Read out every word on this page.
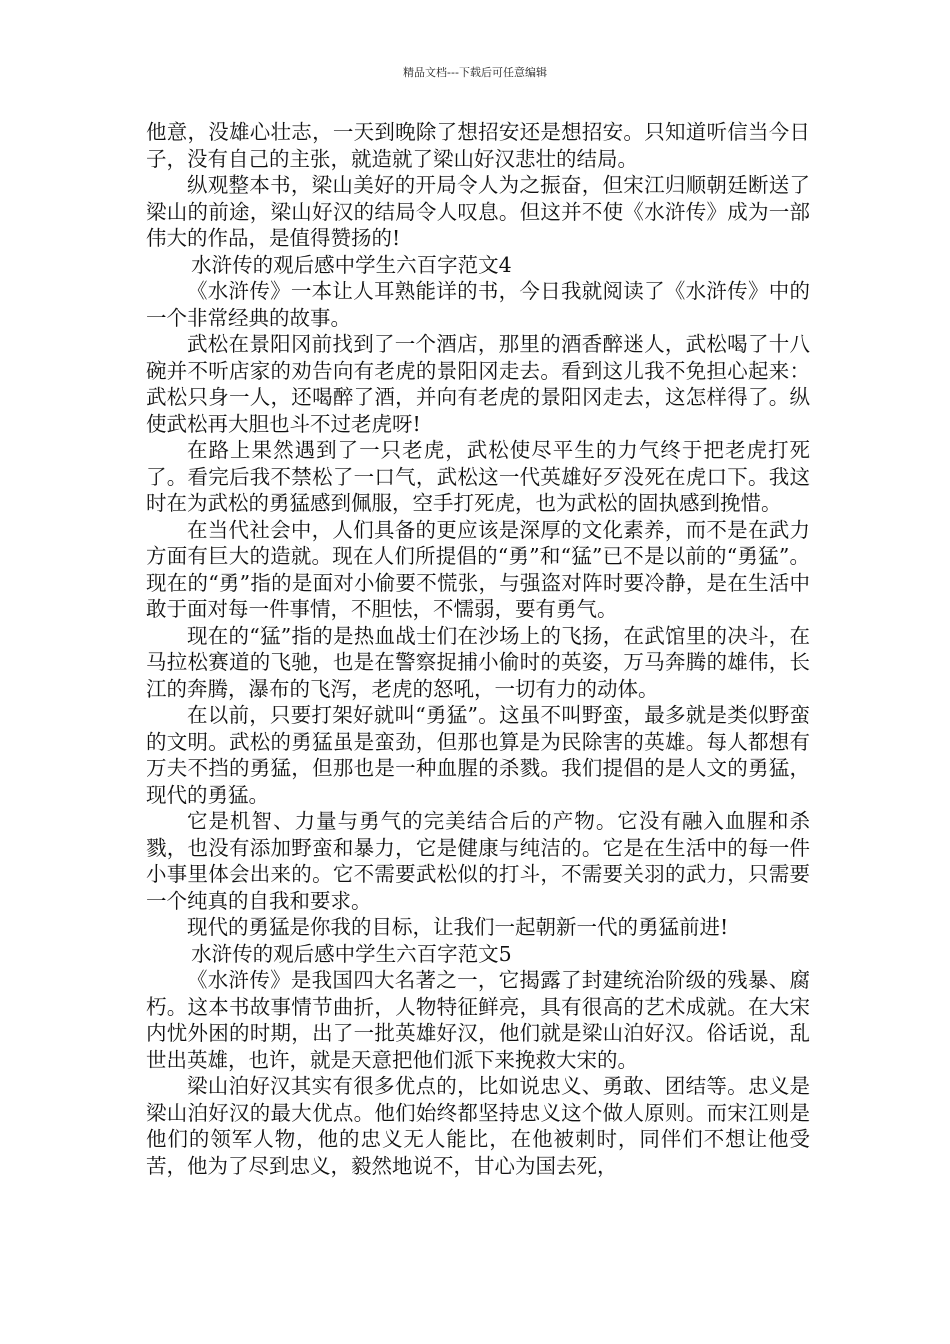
精品文档---下载后可任意编辑

他意，没雄心壮志，一天到晚除了想招安还是想招安。只知道听信当今日子，没有自己的主张，就造就了梁山好汉悲壮的结局。

纵观整本书，梁山美好的开局令人为之振奋，但宋江归顺朝廷断送了梁山的前途，梁山好汉的结局令人叹息。但这并不使《水浒传》成为一部伟大的作品，是值得赞扬的!

水浒传的观后感中学生六百字范文4

《水浒传》一本让人耳熟能详的书，今日我就阅读了《水浒传》中的一个非常经典的故事。

武松在景阳冈前找到了一个酒店，那里的酒香醉迷人，武松喝了十八碗并不听店家的劝告向有老虎的景阳冈走去。看到这儿我不免担心起来：武松只身一人，还喝醉了酒，并向有老虎的景阳冈走去，这怎样得了。纵使武松再大胆也斗不过老虎呀!

在路上果然遇到了一只老虎，武松使尽平生的力气终于把老虎打死了。看完后我不禁松了一口气，武松这一代英雄好歹没死在虎口下。我这时在为武松的勇猛感到佩服，空手打死虎，也为武松的固执感到挽惜。

在当代社会中，人们具备的更应该是深厚的文化素养，而不是在武力方面有巨大的造就。现在人们所提倡的“勇”和“猛”已不是以前的“勇猛”。现在的“勇”指的是面对小偷要不慌张，与强盗对阵时要冷静，是在生活中敢于面对每一件事情，不胆怯，不懦弱，要有勇气。

现在的“猛”指的是热血战士们在沙场上的飞扬，在武馆里的决斗，在马拉松赛道的飞驰，也是在警察捉捕小偷时的英姿，万马奔腾的雄伟，长江的奔腾，瀑布的飞泻，老虎的怒吼，一切有力的动体。

在以前，只要打架好就叫“勇猛”。这虽不叫野蛮，最多就是类似野蛮的文明。武松的勇猛虽是蛮劲，但那也算是为民除害的英雄。每人都想有万夫不挡的勇猛，但那也是一种血腥的杀戮。我们提倡的是人文的勇猛，现代的勇猛。

它是机智、力量与勇气的完美结合后的产物。它没有融入血腥和杀戮，也没有添加野蛮和暴力，它是健康与纯洁的。它是在生活中的每一件小事里体会出来的。它不需要武松似的打斗，不需要关羽的武力，只需要一个纯真的自我和要求。

现代的勇猛是你我的目标，让我们一起朝新一代的勇猛前进!

水浒传的观后感中学生六百字范文5

《水浒传》是我国四大名著之一，它揭露了封建统治阶级的残暴、腐朽。这本书故事情节曲折，人物特征鲜亮，具有很高的艺术成就。在大宋内忧外困的时期，出了一批英雄好汉，他们就是梁山泊好汉。俗话说，乱世出英雄，也许，就是天意把他们派下来挽救大宋的。

梁山泊好汉其实有很多优点的，比如说忠义、勇敢、团结等。忠义是梁山泊好汉的最大优点。他们始终都坚持忠义这个做人原则。而宋江则是他们的领军人物，他的忠义无人能比，在他被刺时，同伴们不想让他受苦，他为了尽到忠义，毅然地说不，甘心为国去死，
